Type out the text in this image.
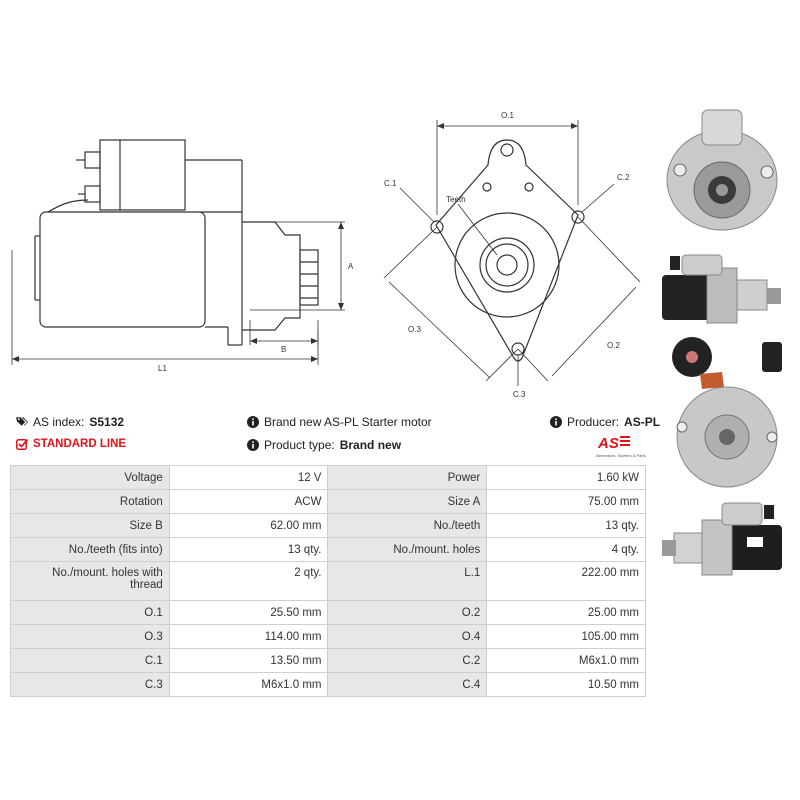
A
B
L1
O.1
O.2
O.3
C.1
C.2
C.3
Teeth
AS index: S5132	Brand new AS-PL Starter motor	Producer: AS-PL
STANDARD LINE	Product type: Brand new	AS
Alternators, Starters & Parts
Voltage	12 V	Power	1.60 kW
Rotation	ACW	Size A	75.00 mm
Size B	62.00 mm	No./teeth	13 qty.
No./teeth (fits into)	13 qty.	No./mount. holes	4 qty.
No./mount. holes with thread	2 qty.	L.1	222.00 mm
O.1	25.50 mm	O.2	25.00 mm
O.3	114.00 mm	O.4	105.00 mm
C.1	13.50 mm	C.2	M6x1.0 mm
C.3	M6x1.0 mm	C.4	10.50 mm
